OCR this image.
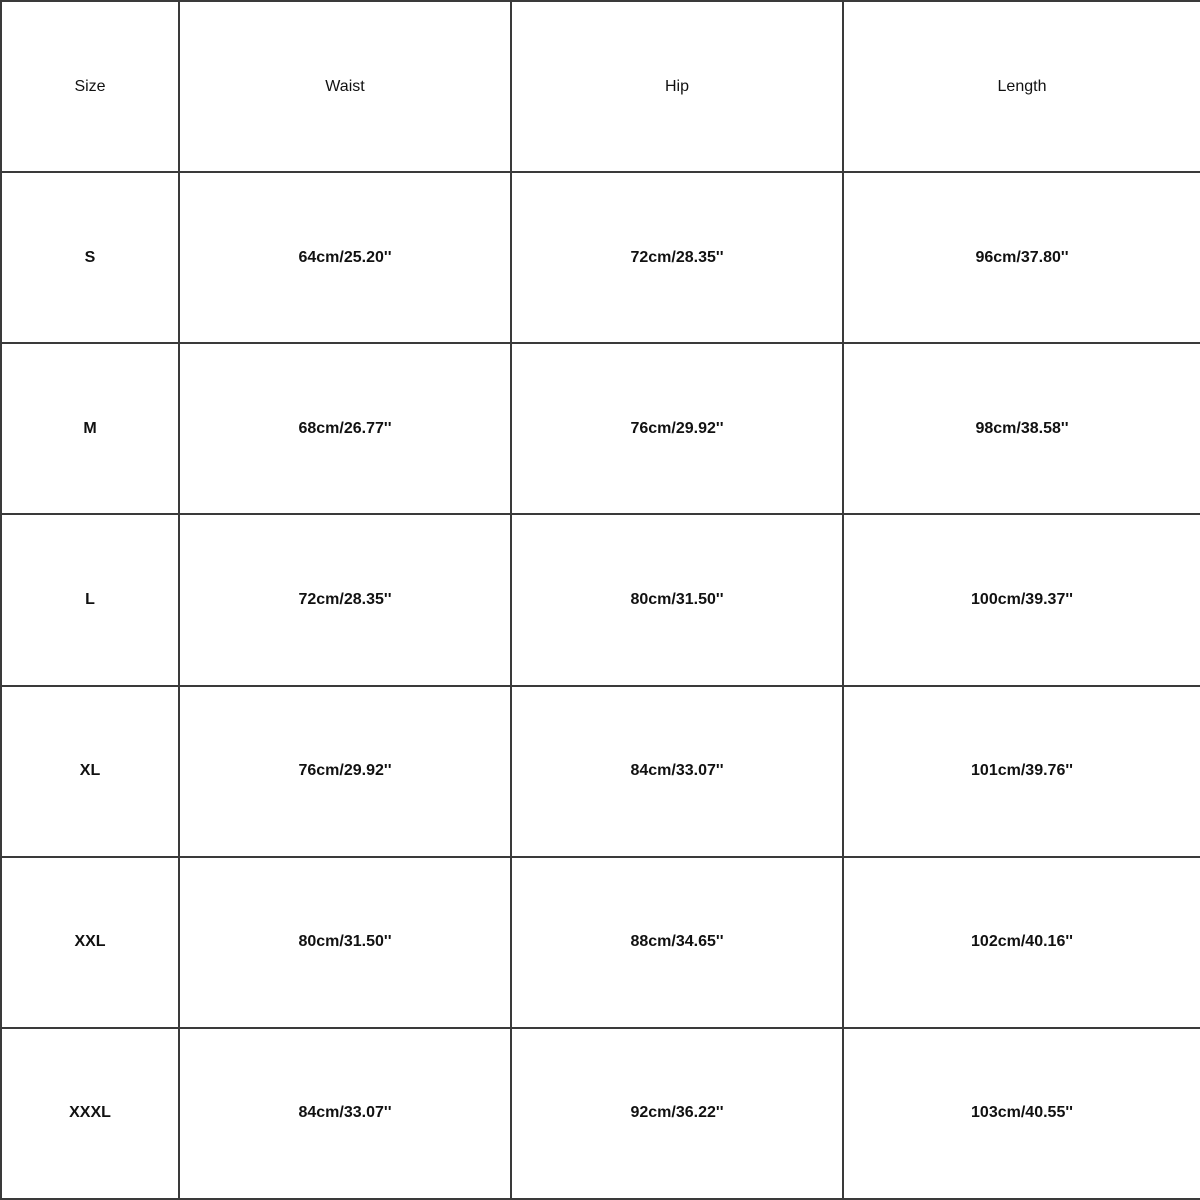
Size	Waist	Hip	Length
S	64cm/25.20''	72cm/28.35''	96cm/37.80''
M	68cm/26.77''	76cm/29.92''	98cm/38.58''
L	72cm/28.35''	80cm/31.50''	100cm/39.37''
XL	76cm/29.92''	84cm/33.07''	101cm/39.76''
XXL	80cm/31.50''	88cm/34.65''	102cm/40.16''
XXXL	84cm/33.07''	92cm/36.22''	103cm/40.55''
